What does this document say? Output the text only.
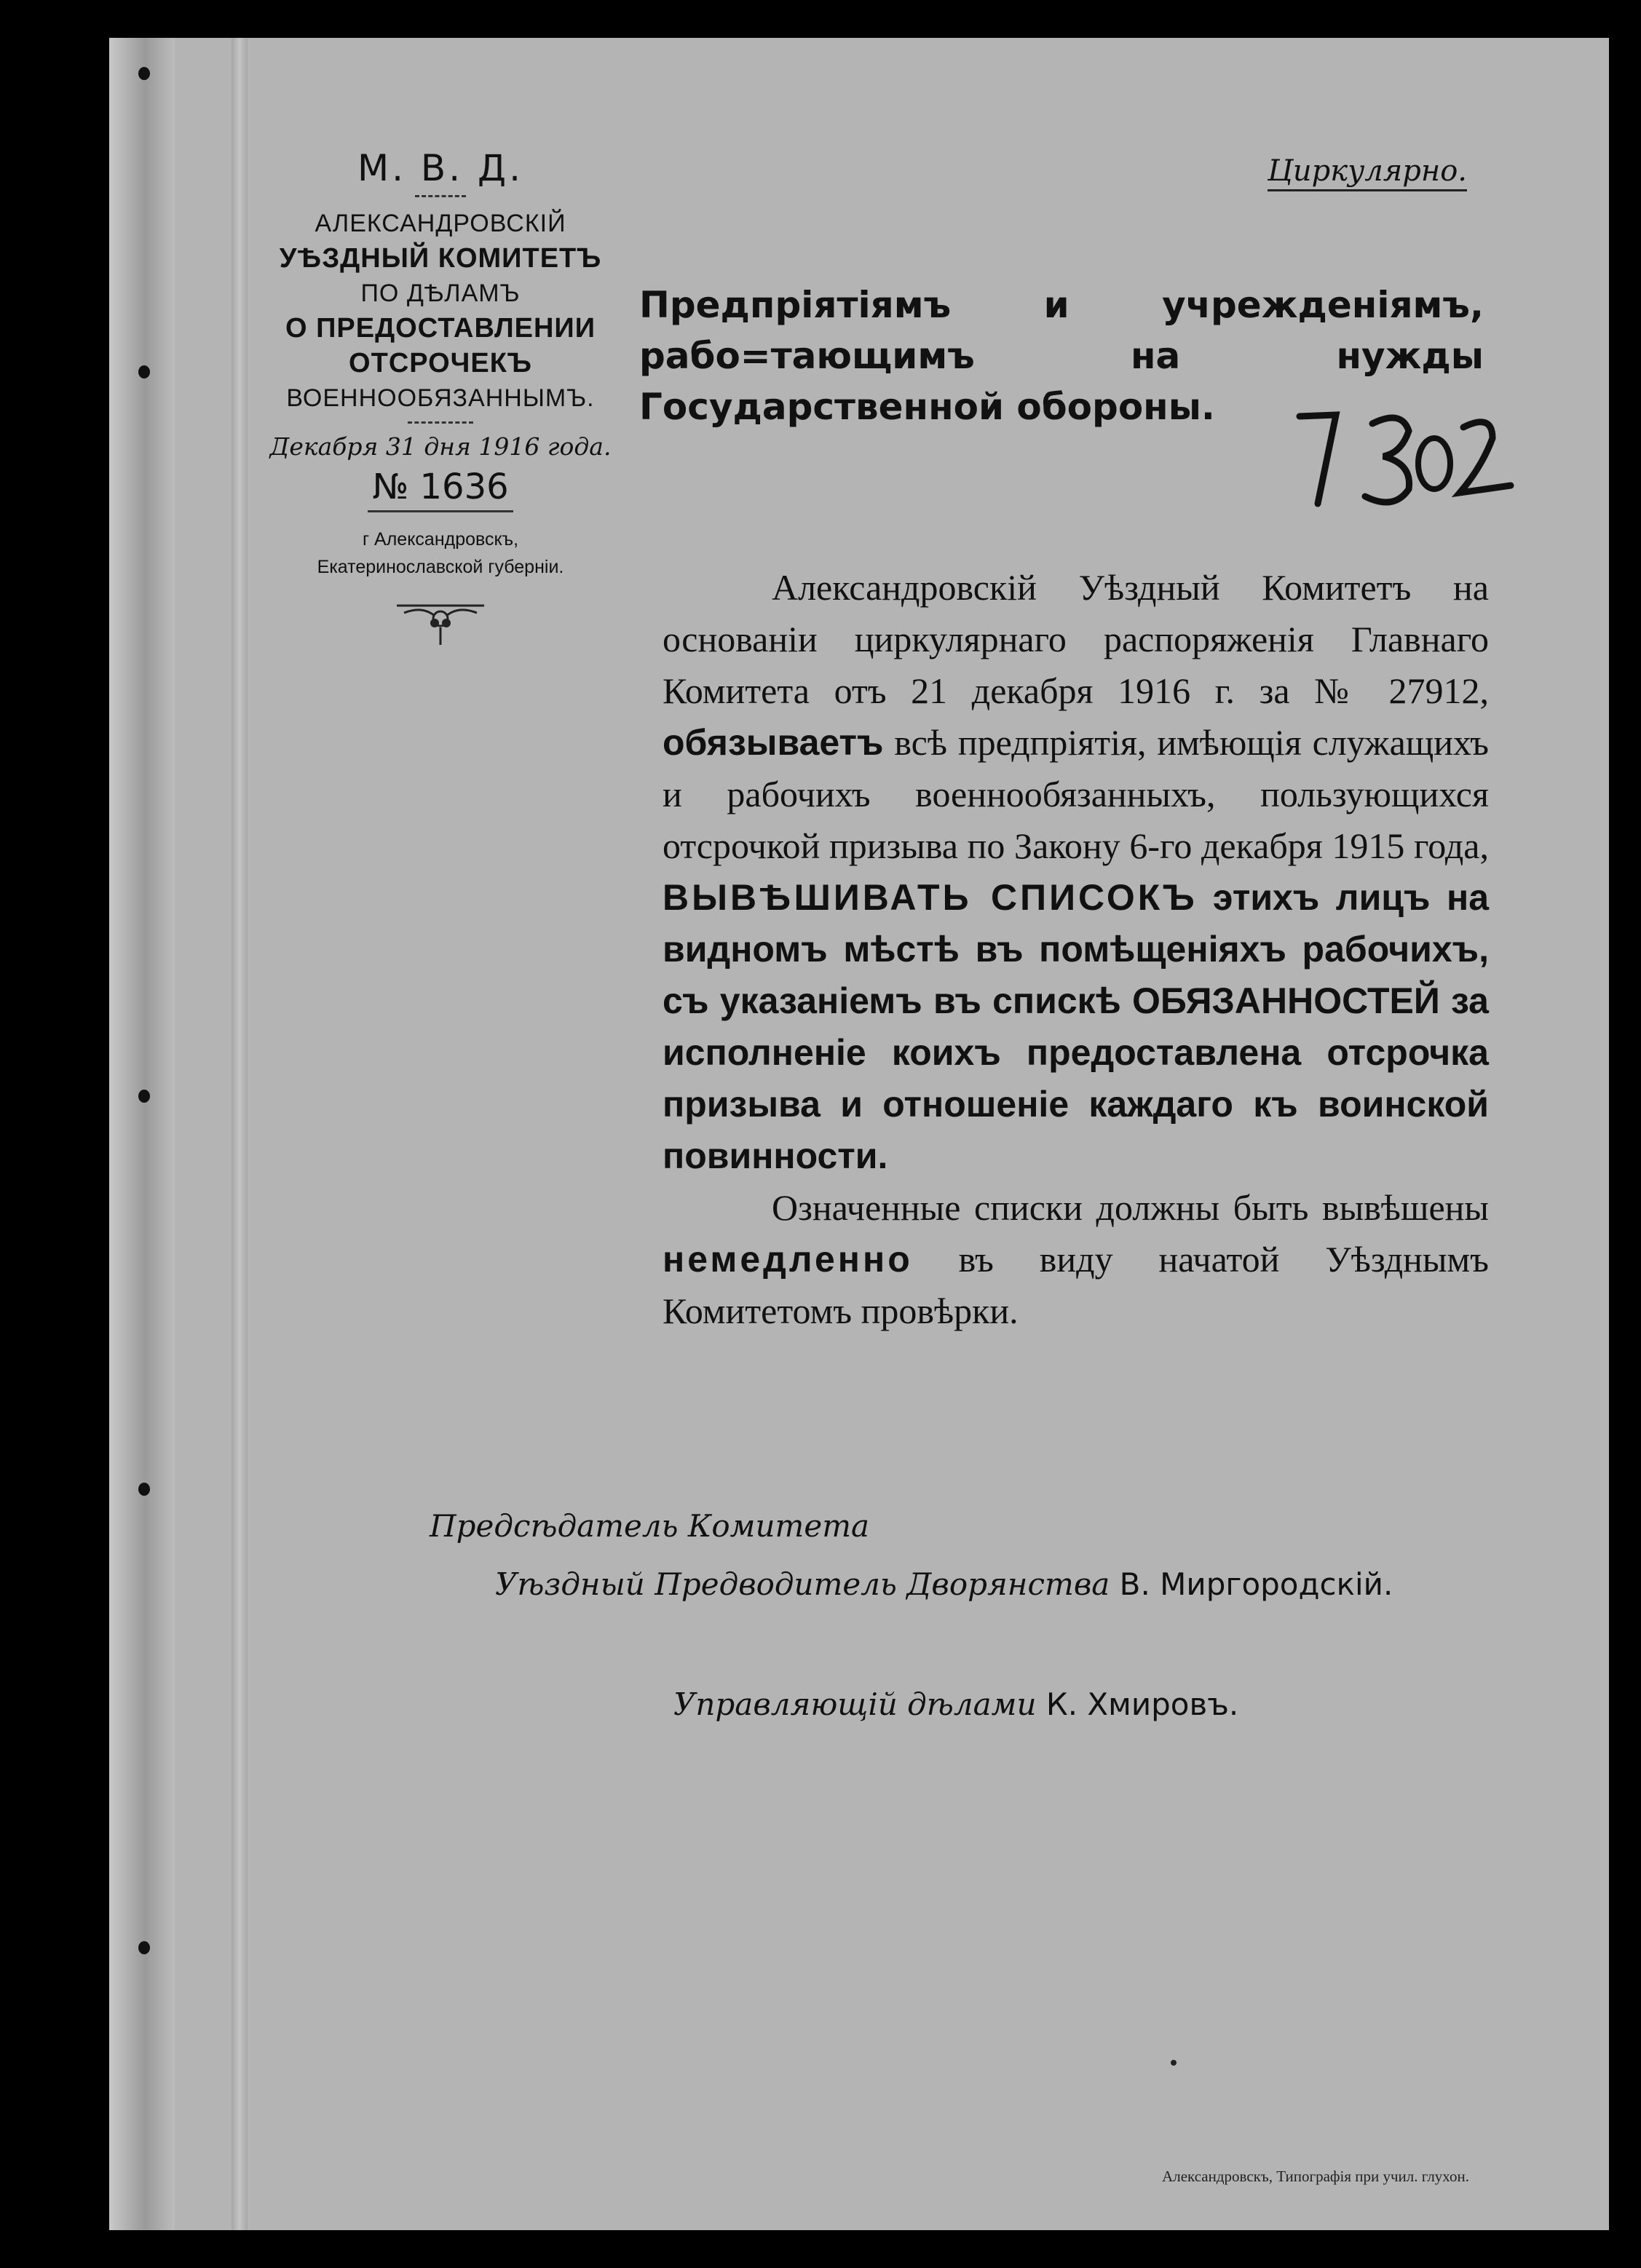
М. В. Д.
АЛЕКСАНДРОВСКІЙ
УѢЗДНЫЙ КОМИТЕТЪ
ПО ДѢЛАМЪ
О ПРЕДОСТАВЛЕНИИ ОТСРОЧЕКЪ
ВОЕННООБЯЗАННЫМЪ.
Декабря 31 дня 1916 года.
№ 1636
г Александровскъ,
Екатеринославской губерніи.
Циркулярно.
Предпріятіямъ и учрежденіямъ, рабо=тающимъ на нужды Государственной обороны.

Александровскій Уѣздный Комитетъ на основаніи циркулярнаго распоряженія Главнаго Комитета отъ 21 декабря 1916 г. за № 27912, обязываетъ всѣ предпріятія, имѣющія служащихъ и рабочихъ военнообязанныхъ, пользующихся отсрочкой призыва по Закону 6-го декабря 1915 года, ВЫВѢШИВАТЬ СПИСОКЪ этихъ лицъ на видномъ мѣстѣ въ помѣщеніяхъ рабочихъ, съ указаніемъ въ спискѣ ОБЯЗАННОСТЕЙ за исполненіе коихъ предоставлена отсрочка призыва и отношеніе каждаго къ воинской повинности.

Означенные списки должны быть вывѣшены немедленно въ виду начатой Уѣзднымъ Комитетомъ провѣрки.

Предсѣдатель Комитета
Уѣздный Предводитель Дворянства В. Миргородскій.
Управляющій дѣлами К. Хмировъ.
Александровскъ, Типографія при учил. глухон.
